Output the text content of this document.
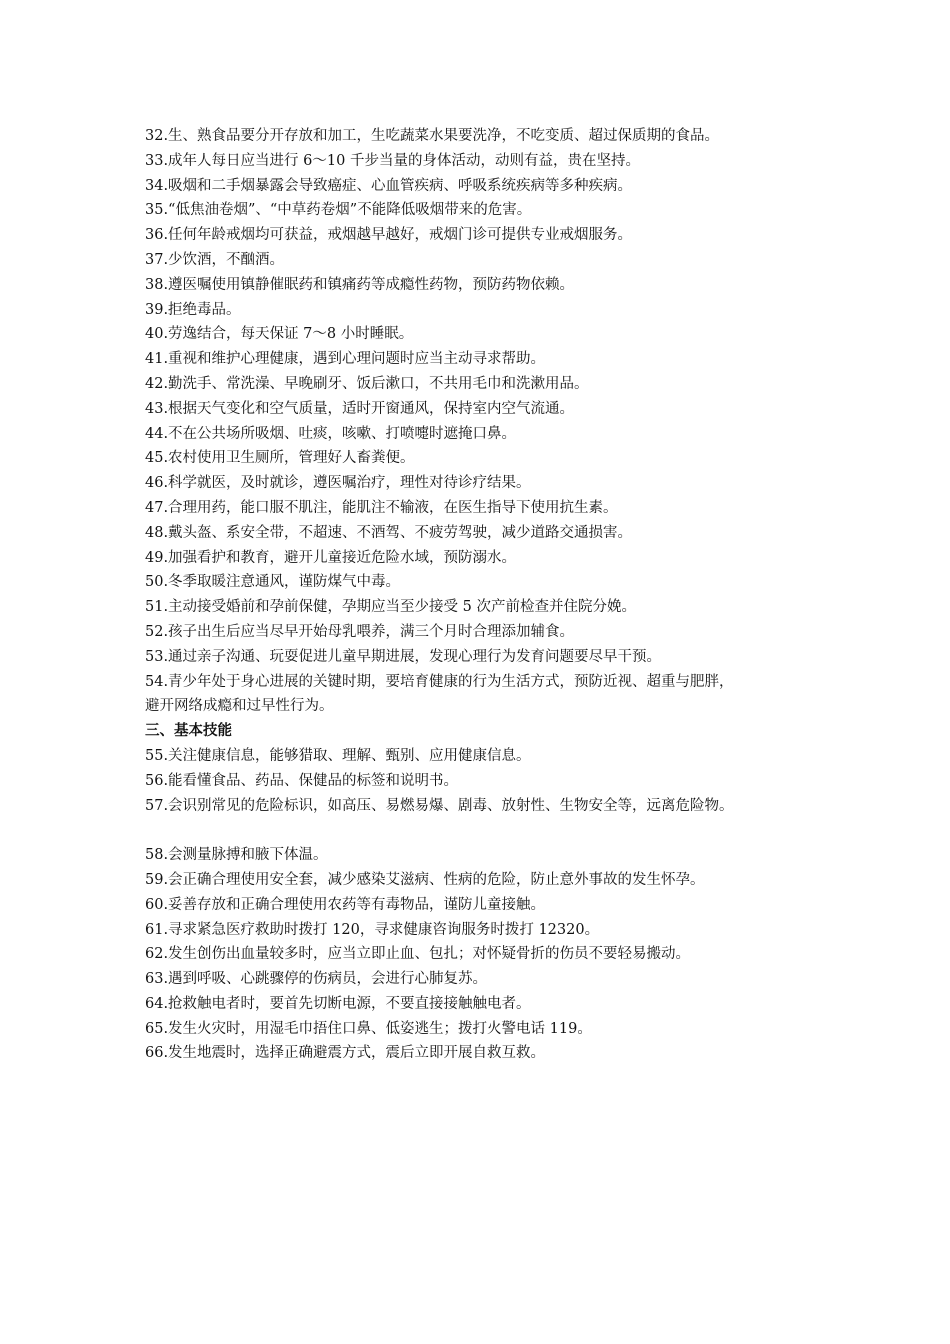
32.生、熟食品要分开存放和加工，生吃蔬菜水果要洗净，不吃变质、超过保质期的食品。
33.成年人每日应当进行 6～10 千步当量的身体活动，动则有益，贵在坚持。
34.吸烟和二手烟暴露会导致癌症、心血管疾病、呼吸系统疾病等多种疾病。
35.“低焦油卷烟”、“中草药卷烟”不能降低吸烟带来的危害。
36.任何年龄戒烟均可获益，戒烟越早越好，戒烟门诊可提供专业戒烟服务。
37.少饮酒，不酗酒。
38.遵医嘱使用镇静催眠药和镇痛药等成瘾性药物，预防药物依赖。
39.拒绝毒品。
40.劳逸结合，每天保证 7～8 小时睡眠。
41.重视和维护心理健康，遇到心理问题时应当主动寻求帮助。
42.勤洗手、常洗澡、早晚刷牙、饭后漱口，不共用毛巾和洗漱用品。
43.根据天气变化和空气质量，适时开窗通风，保持室内空气流通。
44.不在公共场所吸烟、吐痰，咳嗽、打喷嚏时遮掩口鼻。
45.农村使用卫生厕所，管理好人畜粪便。
46.科学就医，及时就诊，遵医嘱治疗，理性对待诊疗结果。
47.合理用药，能口服不肌注，能肌注不输液，在医生指导下使用抗生素。
48.戴头盔、系安全带，不超速、不酒驾、不疲劳驾驶，减少道路交通损害。
49.加强看护和教育，避开儿童接近危险水域，预防溺水。
50.冬季取暖注意通风，谨防煤气中毒。
51.主动接受婚前和孕前保健，孕期应当至少接受 5 次产前检查并住院分娩。
52.孩子出生后应当尽早开始母乳喂养，满三个月时合理添加辅食。
53.通过亲子沟通、玩耍促进儿童早期进展，发现心理行为发育问题要尽早干预。
54.青少年处于身心进展的关键时期，要培育健康的行为生活方式，预防近视、超重与肥胖，
避开网络成瘾和过早性行为。
三、基本技能
55.关注健康信息，能够猎取、理解、甄别、应用健康信息。
56.能看懂食品、药品、保健品的标签和说明书。
57.会识别常见的危险标识，如高压、易燃易爆、剧毒、放射性、生物安全等，远离危险物。
58.会测量脉搏和腋下体温。
59.会正确合理使用安全套，减少感染艾滋病、性病的危险，防止意外事故的发生怀孕。
60.妥善存放和正确合理使用农药等有毒物品，谨防儿童接触。
61.寻求紧急医疗救助时拨打 120，寻求健康咨询服务时拨打 12320。
62.发生创伤出血量较多时，应当立即止血、包扎；对怀疑骨折的伤员不要轻易搬动。
63.遇到呼吸、心跳骤停的伤病员，会进行心肺复苏。
64.抢救触电者时，要首先切断电源，不要直接接触触电者。
65.发生火灾时，用湿毛巾捂住口鼻、低姿逃生；拨打火警电话 119。
66.发生地震时，选择正确避震方式，震后立即开展自救互救。
